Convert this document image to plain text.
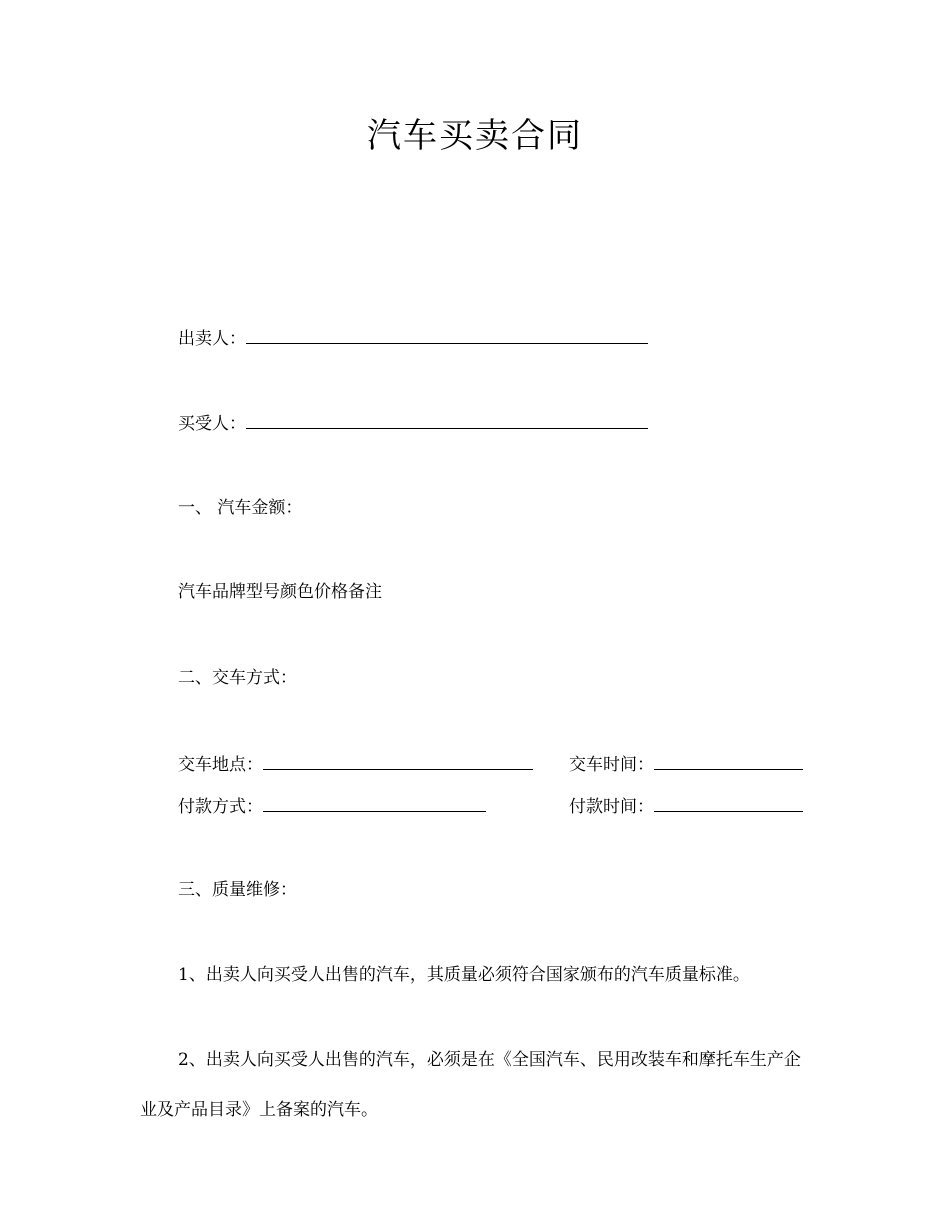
汽车买卖合同
出卖人：
买受人：
一、 汽车金额：
汽车品牌型号颜色价格备注
二、交车方式：
交车地点：	交车时间：
付款方式：	付款时间：
三、质量维修：
1、出卖人向买受人出售的汽车，其质量必须符合国家颁布的汽车质量标准。
2、出卖人向买受人出售的汽车，必须是在《全国汽车、民用改装车和摩托车生产企业及产品目录》上备案的汽车。
